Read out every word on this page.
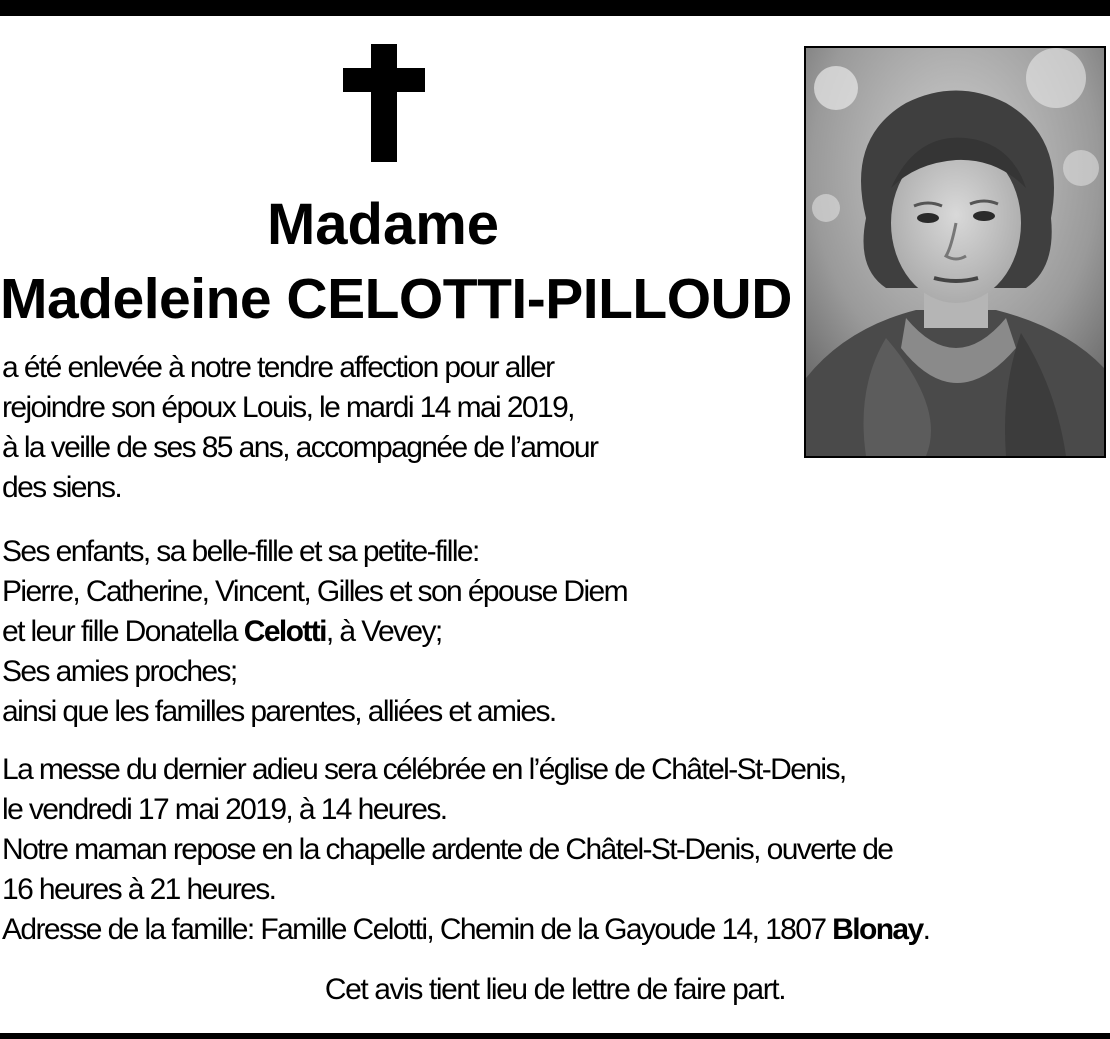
Madame
Madeleine CELOTTI-PILLOUD
a été enlevée à notre tendre affection pour aller
rejoindre son époux Louis, le mardi 14 mai 2019,
à la veille de ses 85 ans, accompagnée de l’amour
des siens.
Ses enfants, sa belle-fille et sa petite-fille:
Pierre, Catherine, Vincent, Gilles et son épouse Diem
et leur fille Donatella Celotti, à Vevey;
Ses amies proches;
ainsi que les familles parentes, alliées et amies.
La messe du dernier adieu sera célébrée en l’église de Châtel-St-Denis,
le vendredi 17 mai 2019, à 14 heures.
Notre maman repose en la chapelle ardente de Châtel-St-Denis, ouverte de
16 heures à 21 heures.
Adresse de la famille: Famille Celotti, Chemin de la Gayoude 14, 1807 Blonay.
Cet avis tient lieu de lettre de faire part.
